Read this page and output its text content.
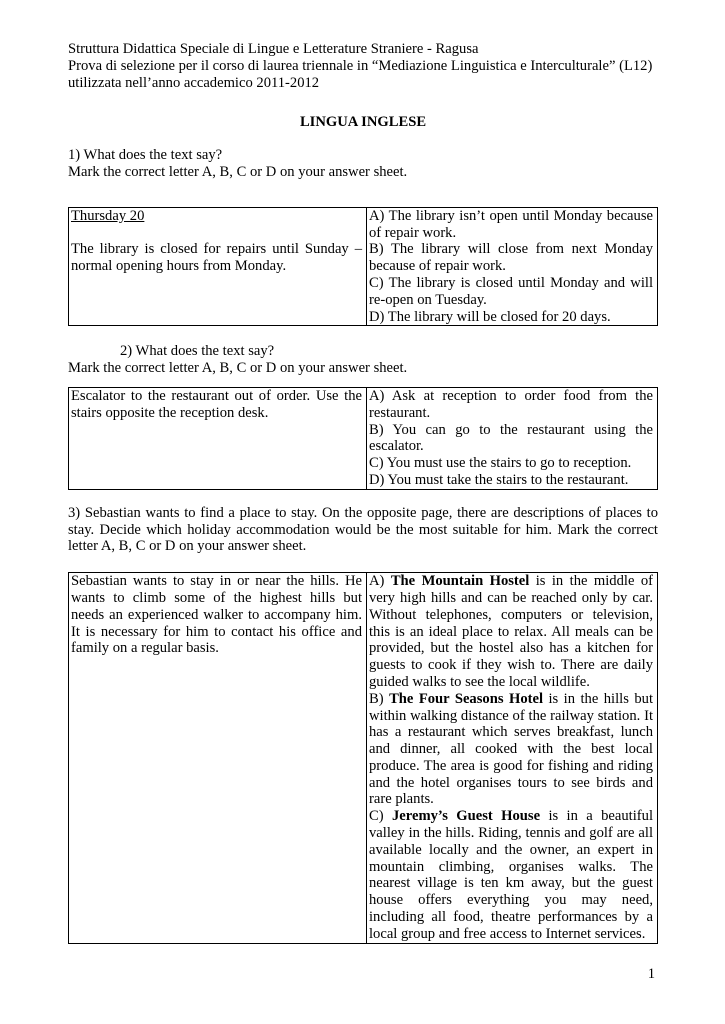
Struttura Didattica Speciale di Lingue e Letterature Straniere - Ragusa

Prova di selezione per il corso di laurea triennale in “Mediazione Linguistica e Interculturale” (L12)

utilizzata nell’anno accademico 2011-2012

LINGUA INGLESE

1) What does the text say?

Mark the correct letter A, B, C or D on your answer sheet.

Thursday 20
The library is closed for repairs until Sunday – normal opening hours from Monday.	
A) The library isn’t open until Monday because of repair work.
B) The library will close from next Monday because of repair work.
C) The library is closed until Monday and will re-open on Tuesday.
D) The library will be closed for 20 days.

2) What does the text say?

Mark the correct letter A, B, C or D on your answer sheet.

Escalator to the restaurant out of order. Use the stairs opposite the reception desk.	
A) Ask at reception to order food from the restaurant.
B) You can go to the restaurant using the escalator.
C) You must use the stairs to go to reception.
D) You must take the stairs to the restaurant.

3) Sebastian wants to find a place to stay. On the opposite page, there are descriptions of places to stay. Decide which holiday accommodation would be the most suitable for him. Mark the correct letter A, B, C or D on your answer sheet.

Sebastian wants to stay in or near the hills. He wants to climb some of the highest hills but needs an experienced walker to accompany him. It is necessary for him to contact his office and family on a regular basis.	
A) The Mountain Hostel is in the middle of very high hills and can be reached only by car. Without telephones, computers or television, this is an ideal place to relax. All meals can be provided, but the hostel also has a kitchen for guests to cook if they wish to. There are daily guided walks to see the local wildlife.
B) The Four Seasons Hotel is in the hills but within walking distance of the railway station. It has a restaurant which serves breakfast, lunch and dinner, all cooked with the best local produce. The area is good for fishing and riding and the hotel organises tours to see birds and rare plants.
C) Jeremy’s Guest House is in a beautiful valley in the hills. Riding, tennis and golf are all available locally and the owner, an expert in mountain climbing, organises walks. The nearest village is ten km away, but the guest house offers everything you may need, including all food, theatre performances by a local group and free access to Internet services.
1
